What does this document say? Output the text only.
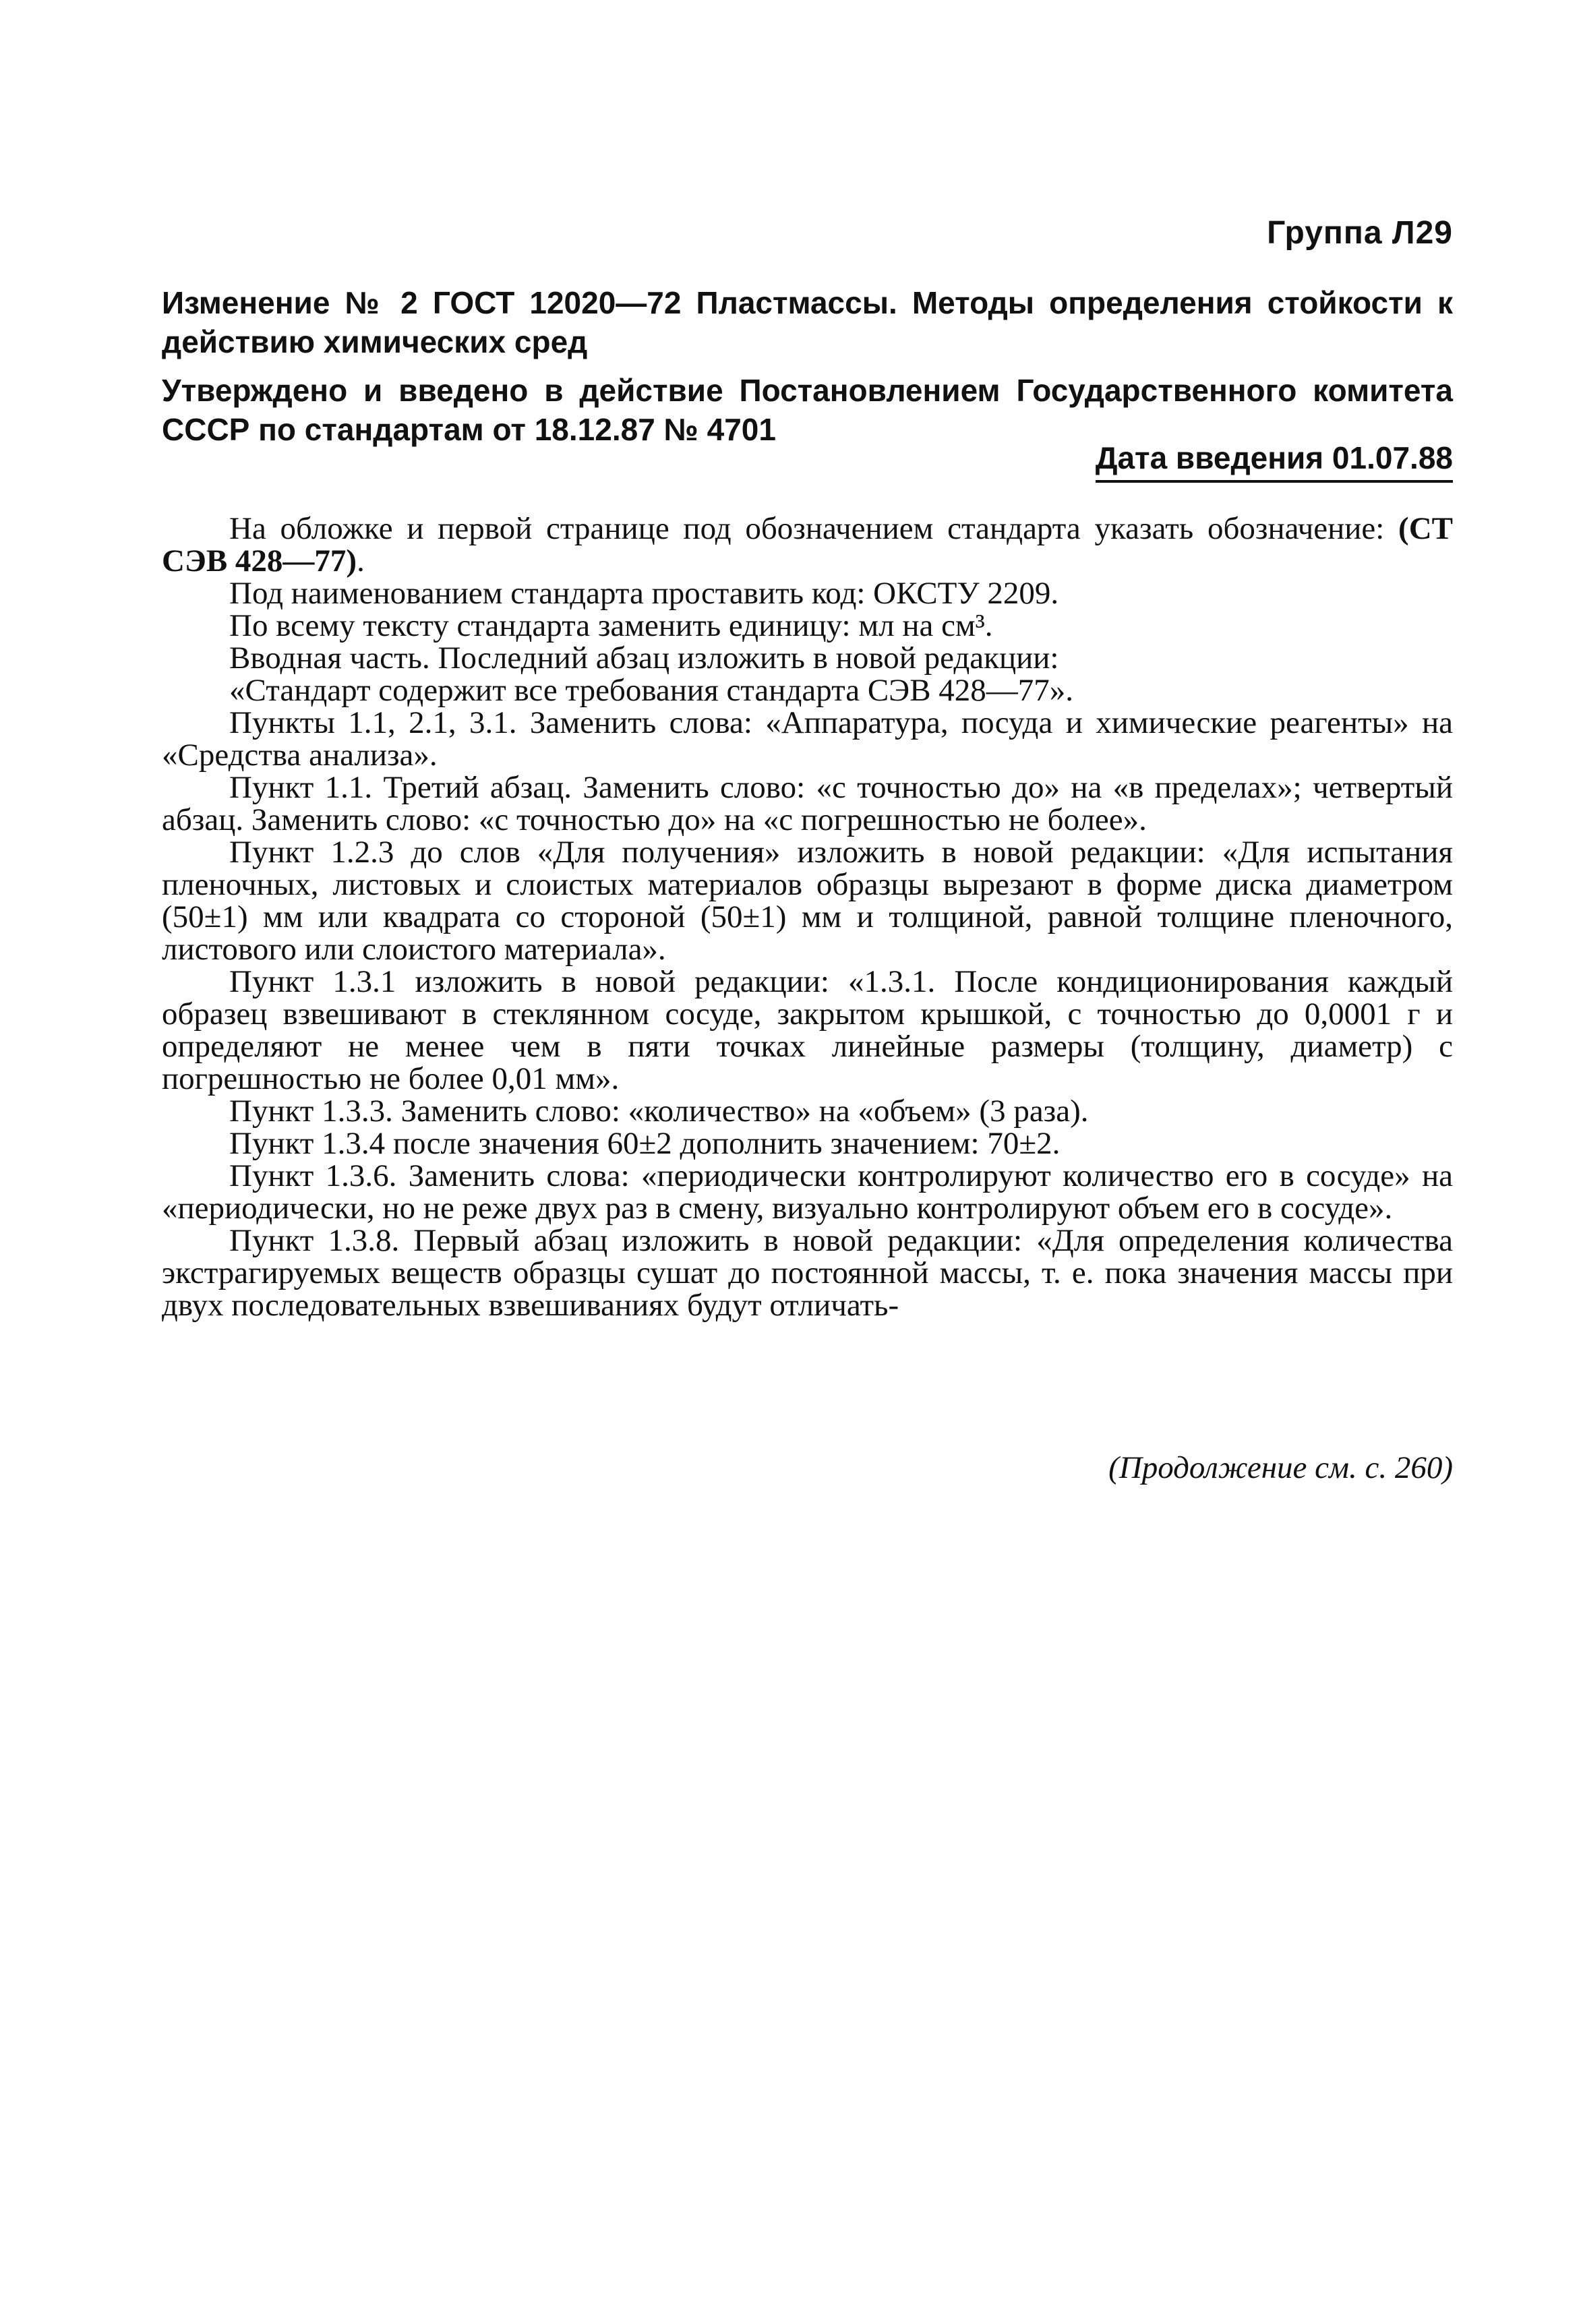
Группа Л29
Изменение № 2 ГОСТ 12020—72 Пластмассы. Методы определения стойкости к действию химических сред
Утверждено и введено в действие Постановлением Государственного комитета СССР по стандартам от 18.12.87 № 4701
Дата введения 01.07.88

На обложке и первой странице под обозначением стандарта указать обозначение: (СТ СЭВ 428—77).

Под наименованием стандарта проставить код: ОКСТУ 2209.

По всему тексту стандарта заменить единицу: мл на см³.

Вводная часть. Последний абзац изложить в новой редакции:

«Стандарт содержит все требования стандарта СЭВ 428—77».

Пункты 1.1, 2.1, 3.1. Заменить слова: «Аппаратура, посуда и химические реагенты» на «Средства анализа».

Пункт 1.1. Третий абзац. Заменить слово: «с точностью до» на «в пределах»; четвертый абзац. Заменить слово: «с точностью до» на «с погрешностью не более».

Пункт 1.2.3 до слов «Для получения» изложить в новой редакции: «Для испытания пленочных, листовых и слоистых материалов образцы вырезают в форме диска диаметром (50±1) мм или квадрата со стороной (50±1) мм и толщиной, равной толщине пленочного, листового или слоистого материала».

Пункт 1.3.1 изложить в новой редакции: «1.3.1. После кондиционирования каждый образец взвешивают в стеклянном сосуде, закрытом крышкой, с точностью до 0,0001 г и определяют не менее чем в пяти точках линейные размеры (толщину, диаметр) с погрешностью не более 0,01 мм».

Пункт 1.3.3. Заменить слово: «количество» на «объем» (3 раза).

Пункт 1.3.4 после значения 60±2 дополнить значением: 70±2.

Пункт 1.3.6. Заменить слова: «периодически контролируют количество его в сосуде» на «периодически, но не реже двух раз в смену, визуально контролируют объем его в сосуде».

Пункт 1.3.8. Первый абзац изложить в новой редакции: «Для определения количества экстрагируемых веществ образцы сушат до постоянной массы, т. е. пока значения массы при двух последовательных взвешиваниях будут отличать-

(Продолжение см. с. 260)
